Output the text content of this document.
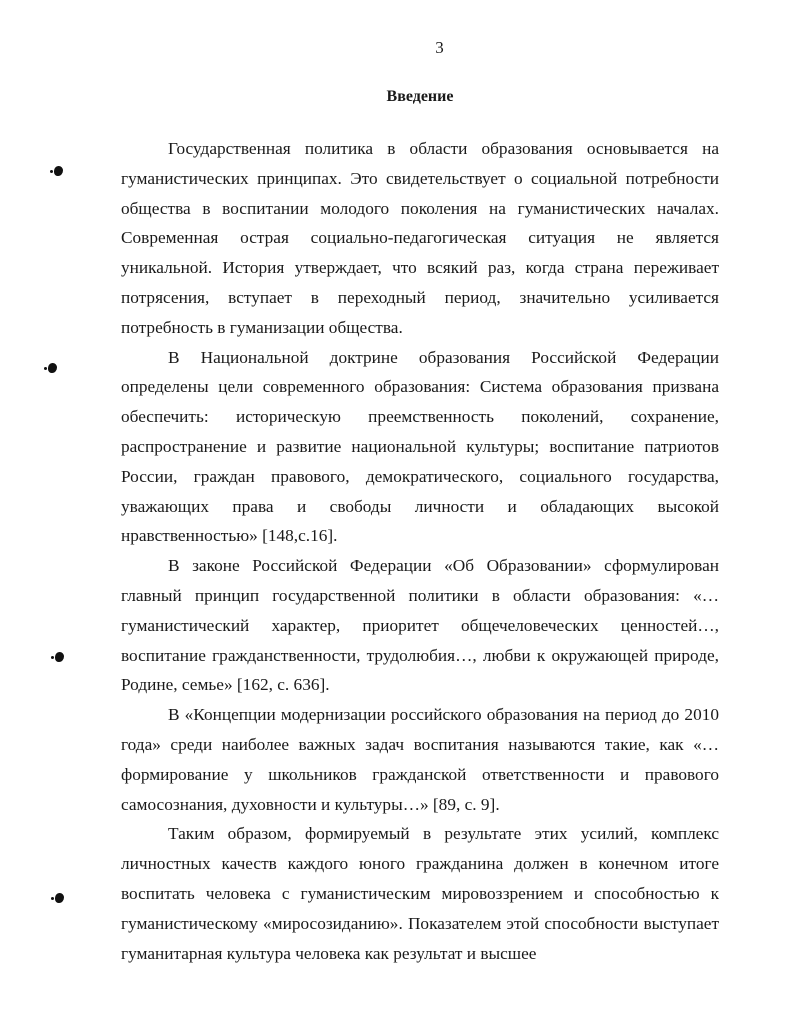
3
Введение

Государственная политика в области образования основывается на гуманистических принципах. Это свидетельствует о социальной потребности общества в воспитании молодого поколения на гуманистических началах. Современная острая социально-педагогическая ситуация не является уникальной. История утверждает, что всякий раз, когда страна переживает потрясения, вступает в переходный период, значительно усиливается потребность в гуманизации общества.

В Национальной доктрине образования Российской Федерации определены цели современного образования: Система образования призвана обеспечить: историческую преемственность поколений, сохранение, распространение и развитие национальной культуры; воспитание патриотов России, граждан правового, демократического, социального государства, уважающих права и свободы личности и обладающих высокой нравственностью» [148,с.16].

В законе Российской Федерации «Об Образовании» сформулирован главный принцип государственной политики в области образования: «…гуманистический характер, приоритет общечеловеческих ценностей…, воспитание гражданственности, трудолюбия…, любви к окружающей природе, Родине, семье» [162, с. 636].

В «Концепции модернизации российского образования на период до 2010 года» среди наиболее важных задач воспитания называются такие, как «… формирование у школьников гражданской ответственности и правового самосознания, духовности и культуры…» [89, с. 9].

Таким образом, формируемый в результате этих усилий, комплекс личностных качеств каждого юного гражданина должен в конечном итоге воспитать человека с гуманистическим мировоззрением и способностью к гуманистическому «миросозиданию». Показателем этой способности выступает гуманитарная культура человека как результат и высшее
